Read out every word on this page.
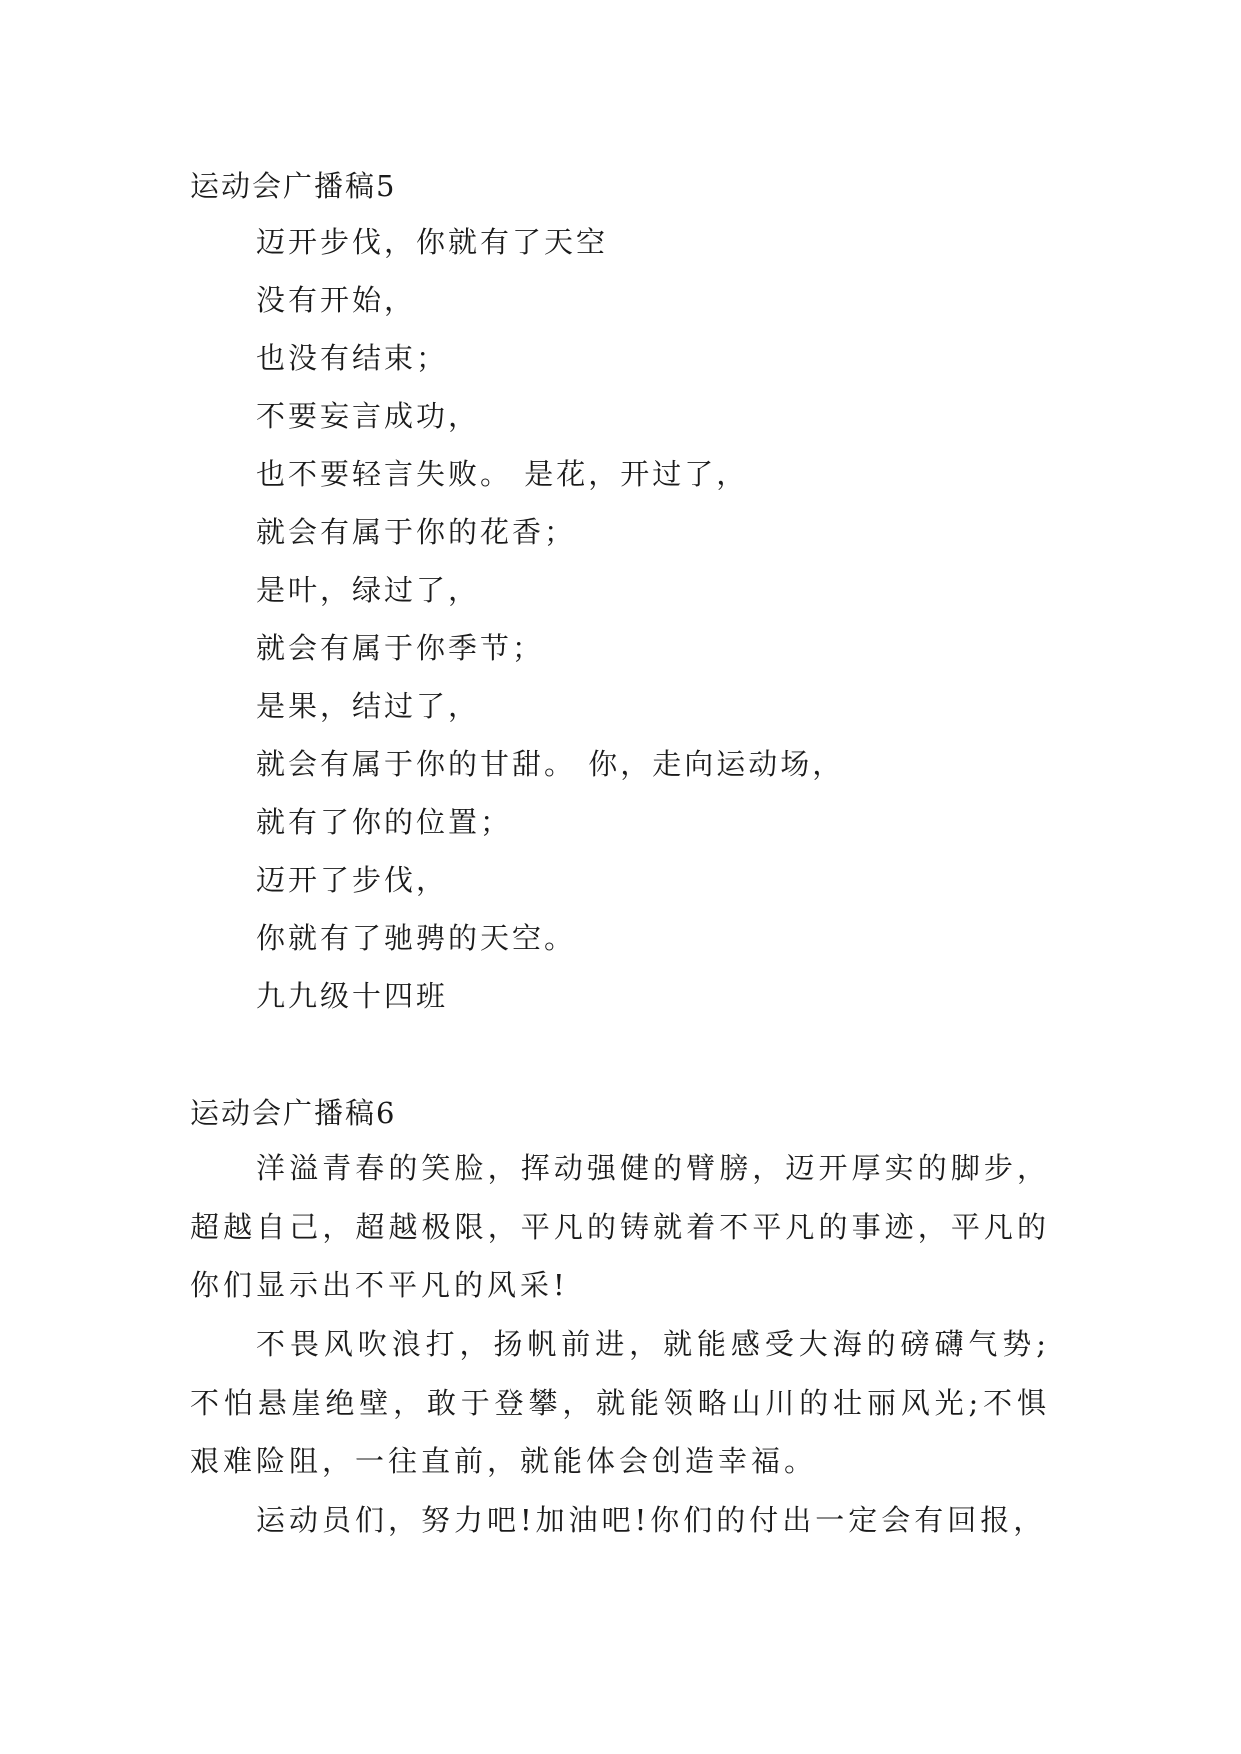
运动会广播稿5
迈开步伐，你就有了天空
没有开始，
也没有结束；
不要妄言成功，
也不要轻言失败。 是花，开过了，
就会有属于你的花香；
是叶，绿过了，
就会有属于你季节；
是果，结过了，
就会有属于你的甘甜。 你，走向运动场，
就有了你的位置；
迈开了步伐，
你就有了驰骋的天空。
九九级十四班
运动会广播稿6

洋溢青春的笑脸，挥动强健的臂膀，迈开厚实的脚步，超越自己，超越极限，平凡的铸就着不平凡的事迹，平凡的你们显示出不平凡的风采!

不畏风吹浪打，扬帆前进，就能感受大海的磅礴气势;不怕悬崖绝壁，敢于登攀，就能领略山川的壮丽风光;不惧艰难险阻，一往直前，就能体会创造幸福。

运动员们，努力吧!加油吧!你们的付出一定会有回报，
